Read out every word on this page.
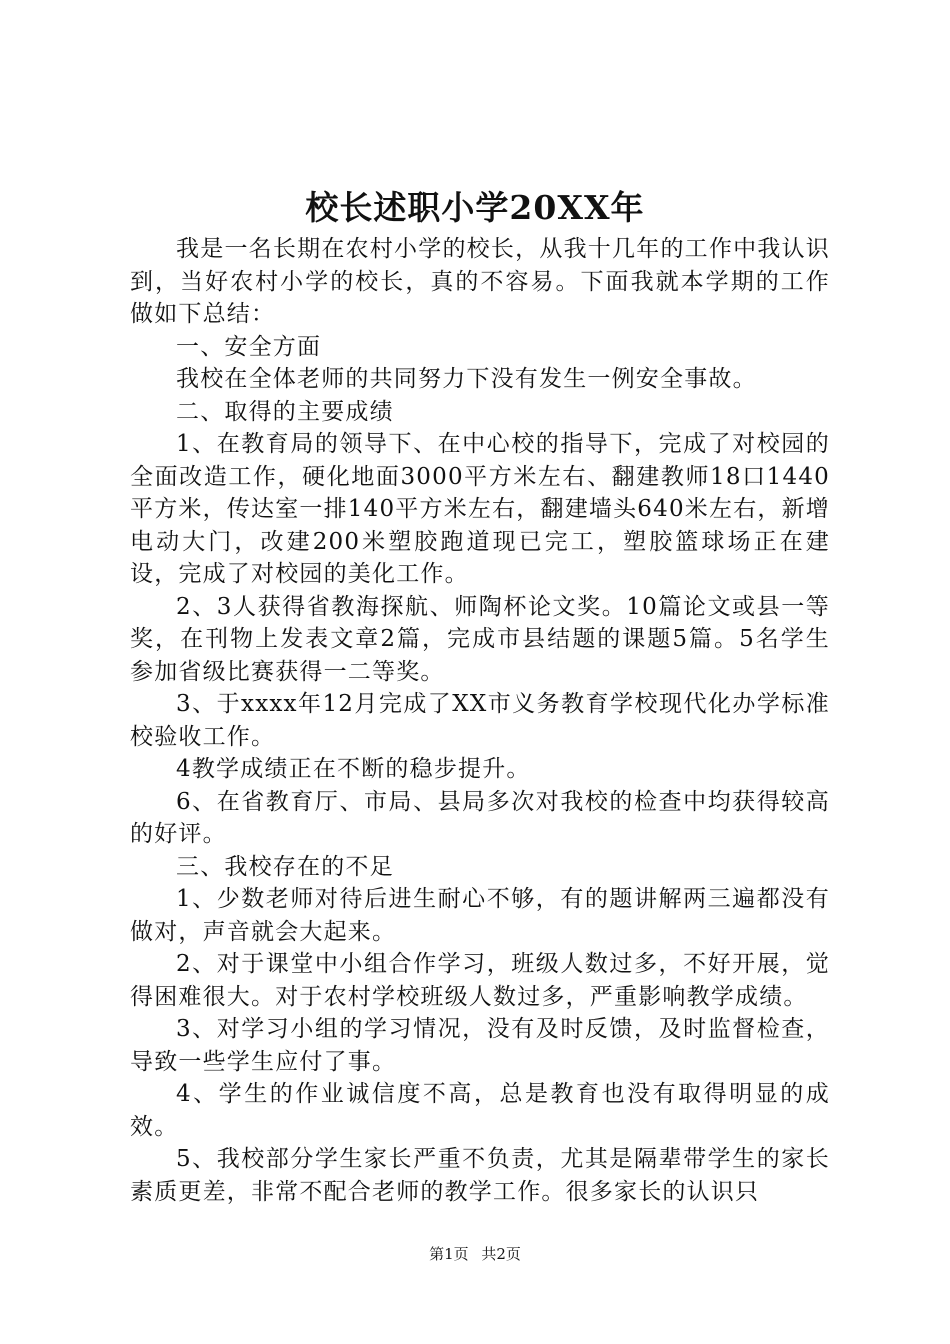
校长述职小学20XX年

我是一名长期在农村小学的校长，从我十几年的工作中我认识到，当好农村小学的校长，真的不容易。下面我就本学期的工作做如下总结：

一、安全方面

我校在全体老师的共同努力下没有发生一例安全事故。

二、取得的主要成绩

1、在教育局的领导下、在中心校的指导下，完成了对校园的全面改造工作，硬化地面3000平方米左右、翻建教师18口1440平方米，传达室一排140平方米左右，翻建墙头640米左右，新增电动大门，改建200米塑胶跑道现已完工，塑胶篮球场正在建设，完成了对校园的美化工作。

2、3人获得省教海探航、师陶杯论文奖。10篇论文或县一等奖，在刊物上发表文章2篇，完成市县结题的课题5篇。5名学生参加省级比赛获得一二等奖。

3、于xxxx年12月完成了XX市义务教育学校现代化办学标准校验收工作。

4教学成绩正在不断的稳步提升。

6、在省教育厅、市局、县局多次对我校的检查中均获得较高的好评。

三、我校存在的不足

1、少数老师对待后进生耐心不够，有的题讲解两三遍都没有做对，声音就会大起来。

2、对于课堂中小组合作学习，班级人数过多，不好开展，觉得困难很大。对于农村学校班级人数过多，严重影响教学成绩。

3、对学习小组的学习情况，没有及时反馈，及时监督检查，导致一些学生应付了事。

4、学生的作业诚信度不高，总是教育也没有取得明显的成效。

5、我校部分学生家长严重不负责，尤其是隔辈带学生的家长素质更差，非常不配合老师的教学工作。很多家长的认识只

第1页 共2页
